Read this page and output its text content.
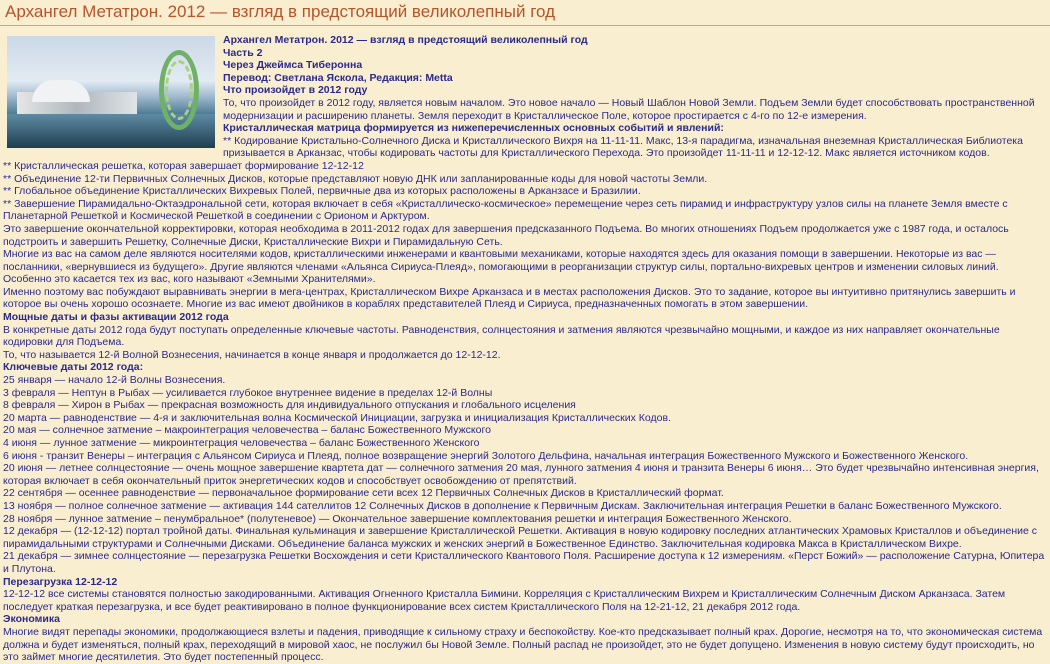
Архангел Метатрон. 2012 — взгляд в предстоящий великолепный год

Архангел Метатрон. 2012 — взгляд в предстоящий великолепный год

Часть 2

Через Джеймса Тиберонна

Перевод: Светлана Яскола, Редакция: Metta

Что произойдет в 2012 году

То, что произойдет в 2012 году, является новым началом. Это новое начало — Новый Шаблон Новой Земли. Подъем Земли будет способствовать пространственной модернизации и расширению планеты. Земля переходит в Кристаллическое Поле, которое простирается с 4-го по 12-е измерения.

Кристаллическая матрица формируется из нижеперечисленных основных событий и явлений:

** Кодирование Кристально-Солнечного Диска и Кристаллического Вихря на 11-11-11. Макс, 13-я парадигма, изначальная внеземная Кристаллическая Библиотека призывается в Арканзас, чтобы кодировать частоты для Кристаллического Перехода. Это произойдет 11-11-11 и 12-12-12. Макс является источником кодов.

** Кристаллическая решетка, которая завершает формирование 12-12-12

** Объединение 12-ти Первичных Солнечных Дисков, которые представляют новую ДНК или запланированные коды для новой частоты Земли.

** Глобальное объединение Кристаллических Вихревых Полей, первичные два из которых расположены в Арканзасе и Бразилии.

** Завершение Пирамидально-Октаэдрональной сети, которая включает в себя «Кристаллическо-космическое» перемещение через сеть пирамид и инфраструктуру узлов силы на планете Земля вместе с Планетарной Решеткой и Космической Решеткой в соединении с Орионом и Арктуром.

Это завершение окончательной корректировки, которая необходима в 2011-2012 годах для завершения предсказанного Подъема. Во многих отношениях Подъем продолжается уже с 1987 года, и осталось подстроить и завершить Решетку, Солнечные Диски, Кристаллические Вихри и Пирамидальную Сеть.

Многие из вас на самом деле являются носителями кодов, кристаллическими инженерами и квантовыми механиками, которые находятся здесь для оказания помощи в завершении. Некоторые из вас — посланники, «вернувшиеся из будущего». Другие являются членами «Альянса Сириуса-Плеяд», помогающими в реорганизации структур силы, портально-вихревых центров и изменении силовых линий. Особенно это касается тех из вас, кого называют «Земными Хранителями».

Именно поэтому вас побуждают выравнивать энергии в мега-центрах, Кристаллическом Вихре Арканзаса и в местах расположения Дисков. Это то задание, которое вы интуитивно притянулись завершить и которое вы очень хорошо осознаете. Многие из вас имеют двойников в кораблях представителей Плеяд и Сириуса, предназначенных помогать в этом завершении.

Мощные даты и фазы активации 2012 года

В конкретные даты 2012 года будут поступать определенные ключевые частоты. Равноденствия, солнцестояния и затмения являются чрезвычайно мощными, и каждое из них направляет окончательные кодировки для Подъема.

То, что называется 12-й Волной Вознесения, начинается в конце января и продолжается до 12-12-12.

Ключевые даты 2012 года:

25 января — начало 12-й Волны Вознесения.

3 февраля — Нептун в Рыбах — усиливается глубокое внутреннее видение в пределах 12-й Волны

8 февраля — Хирон в Рыбах — прекрасная возможность для индивидуального отпускания и глобального исцеления

20 марта — равноденствие — 4-я и заключительная волна Космической Инициации, загрузка и инициализация Кристаллических Кодов.

20 мая — солнечное затмение – макроинтеграция человечества – баланс Божественного Мужского

4 июня — лунное затмение — микроинтеграция человечества – баланс Божественного Женского

6 июня - транзит Венеры – интеграция с Альянсом Сириуса и Плеяд, полное возвращение энергий Золотого Дельфина, начальная интеграция Божественного Мужского и Божественного Женского.

20 июня — летнее солнцестояние — очень мощное завершение квартета дат — солнечного затмения 20 мая, лунного затмения 4 июня и транзита Венеры 6 июня… Это будет чрезвычайно интенсивная энергия, которая включает в себя окончательный приток энергетических кодов и способствует освобождению от препятствий.

22 сентября — осеннее равноденствие — первоначальное формирование сети всех 12 Первичных Солнечных Дисков в Кристаллический формат.

13 ноября — полное солнечное затмение — активация 144 сателлитов 12 Солнечных Дисков в дополнение к Первичным Дискам. Заключительная интеграция Решетки в баланс Божественного Мужского.

28 ноября — лунное затмение – пенумбральное* (полутеневое) — Окончательное завершение комплектования решетки и интеграция Божественного Женского.

12 декабря — (12-12-12) портал тройной даты. Финальная кульминация и завершение Кристаллической Решетки. Активация в новую кодировку последних атлантических Храмовых Кристаллов и объединение с пирамидальными структурами и Солнечными Дисками. Объединение баланса мужских и женских энергий в Божественное Единство. Заключительная кодировка Макса в Кристаллическом Вихре.

21 декабря — зимнее солнцестояние — перезагрузка Решетки Восхождения и сети Кристаллического Квантового Поля. Расширение доступа к 12 измерениям. «Перст Божий» — расположение Сатурна, Юпитера и Плутона.

Перезагрузка 12-12-12

12-12-12 все системы становятся полностью закодированными. Активация Огненного Кристалла Бимини. Корреляция с Кристаллическим Вихрем и Кристаллическим Солнечным Диском Арканзаса. Затем последует краткая перезагрузка, и все будет реактивировано в полное функционирование всех систем Кристаллического Поля на 12-21-12, 21 декабря 2012 года.

Экономика

Многие видят перепады экономики, продолжающиеся взлеты и падения, приводящие к сильному страху и беспокойству. Кое-кто предсказывает полный крах. Дорогие, несмотря на то, что экономическая система должна и будет изменяться, полный крах, переходящий в мировой хаос, не послужил бы Новой Земле. Полный распад не произойдет, это не будет допущено. Изменения в новую систему будут происходить, но это займет многие десятилетия. Это будет постепенный процесс.
